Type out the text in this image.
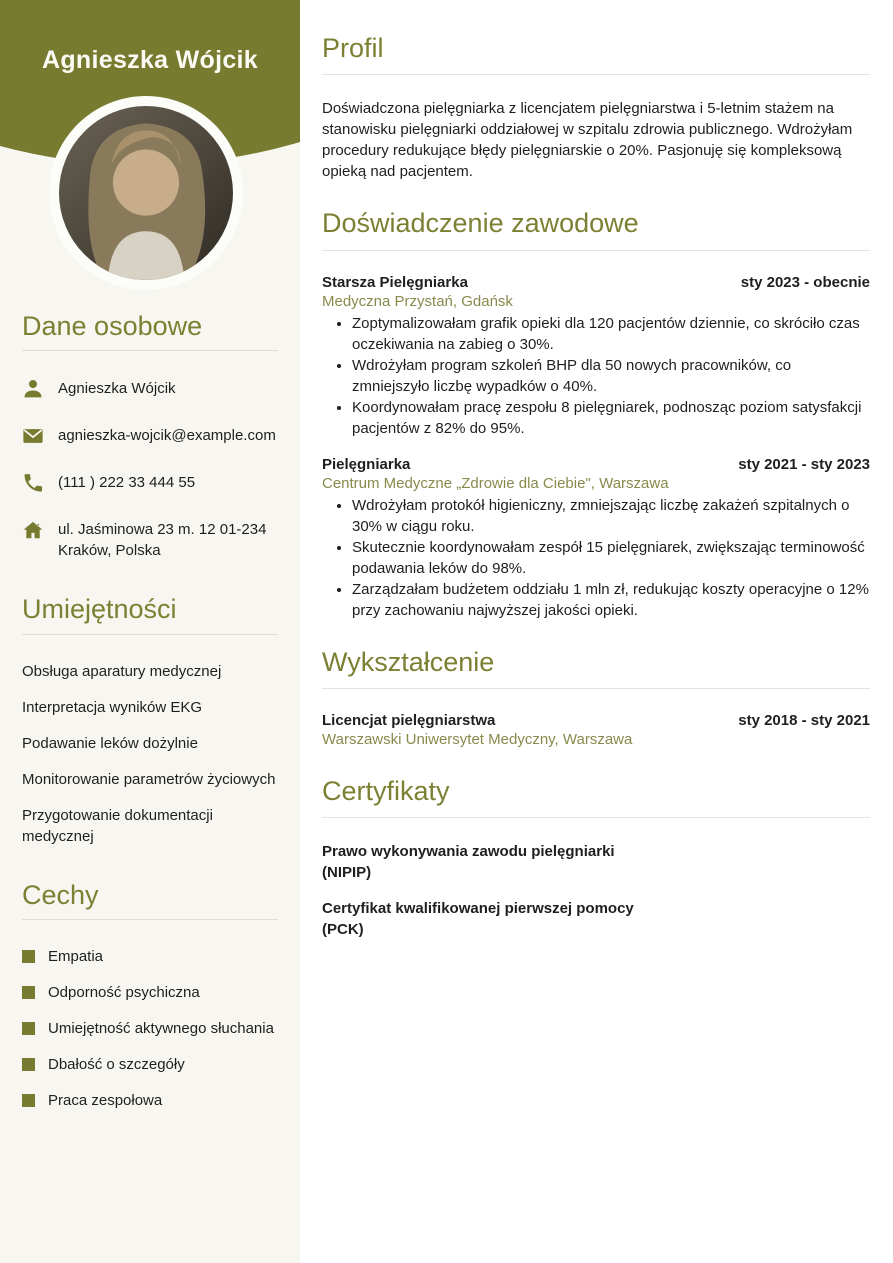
Agnieszka Wójcik
Dane osobowe
Agnieszka Wójcik
agnieszka-wojcik@example.com
(111 ) 222 33 444 55
ul. Jaśminowa 23 m. 12 01-234 Kraków, Polska
Umiejętności

Obsługa aparatury medycznej

Interpretacja wyników EKG

Podawanie leków dożylnie

Monitorowanie parametrów życiowych

Przygotowanie dokumentacji medycznej

Cechy
Empatia
Odporność psychiczna
Umiejętność aktywnego słuchania
Dbałość o szczegóły
Praca zespołowa
Profil

Doświadczona pielęgniarka z licencjatem pielęgniarstwa i 5-letnim stażem na stanowisku pielęgniarki oddziałowej w szpitalu zdrowia publicznego. Wdrożyłam procedury redukujące błędy pielęgniarskie o 20%. Pasjonuję się kompleksową opieką nad pacjentem.

Doświadczenie zawodowe
Starsza Pielęgniarka	sty 2023 - obecnie
Medyczna Przystań, Gdańsk
• Zoptymalizowałam grafik opieki dla 120 pacjentów dziennie, co skróciło czas oczekiwania na zabieg o 30%.
• Wdrożyłam program szkoleń BHP dla 50 nowych pracowników, co zmniejszyło liczbę wypadków o 40%.
• Koordynowałam pracę zespołu 8 pielęgniarek, podnosząc poziom satysfakcji pacjentów z 82% do 95%.
Pielęgniarka	sty 2021 - sty 2023
Centrum Medyczne „Zdrowie dla Ciebie", Warszawa
• Wdrożyłam protokół higieniczny, zmniejszając liczbę zakażeń szpitalnych o 30% w ciągu roku.
• Skutecznie koordynowałam zespół 15 pielęgniarek, zwiększając terminowość podawania leków do 98%.
• Zarządzałam budżetem oddziału 1 mln zł, redukując koszty operacyjne o 12% przy zachowaniu najwyższej jakości opieki.
Wykształcenie
Licencjat pielęgniarstwa	sty 2018 - sty 2021
Warszawski Uniwersytet Medyczny, Warszawa
Certyfikaty
Prawo wykonywania zawodu pielęgniarki
(NIPIP)
Certyfikat kwalifikowanej pierwszej pomocy
(PCK)
